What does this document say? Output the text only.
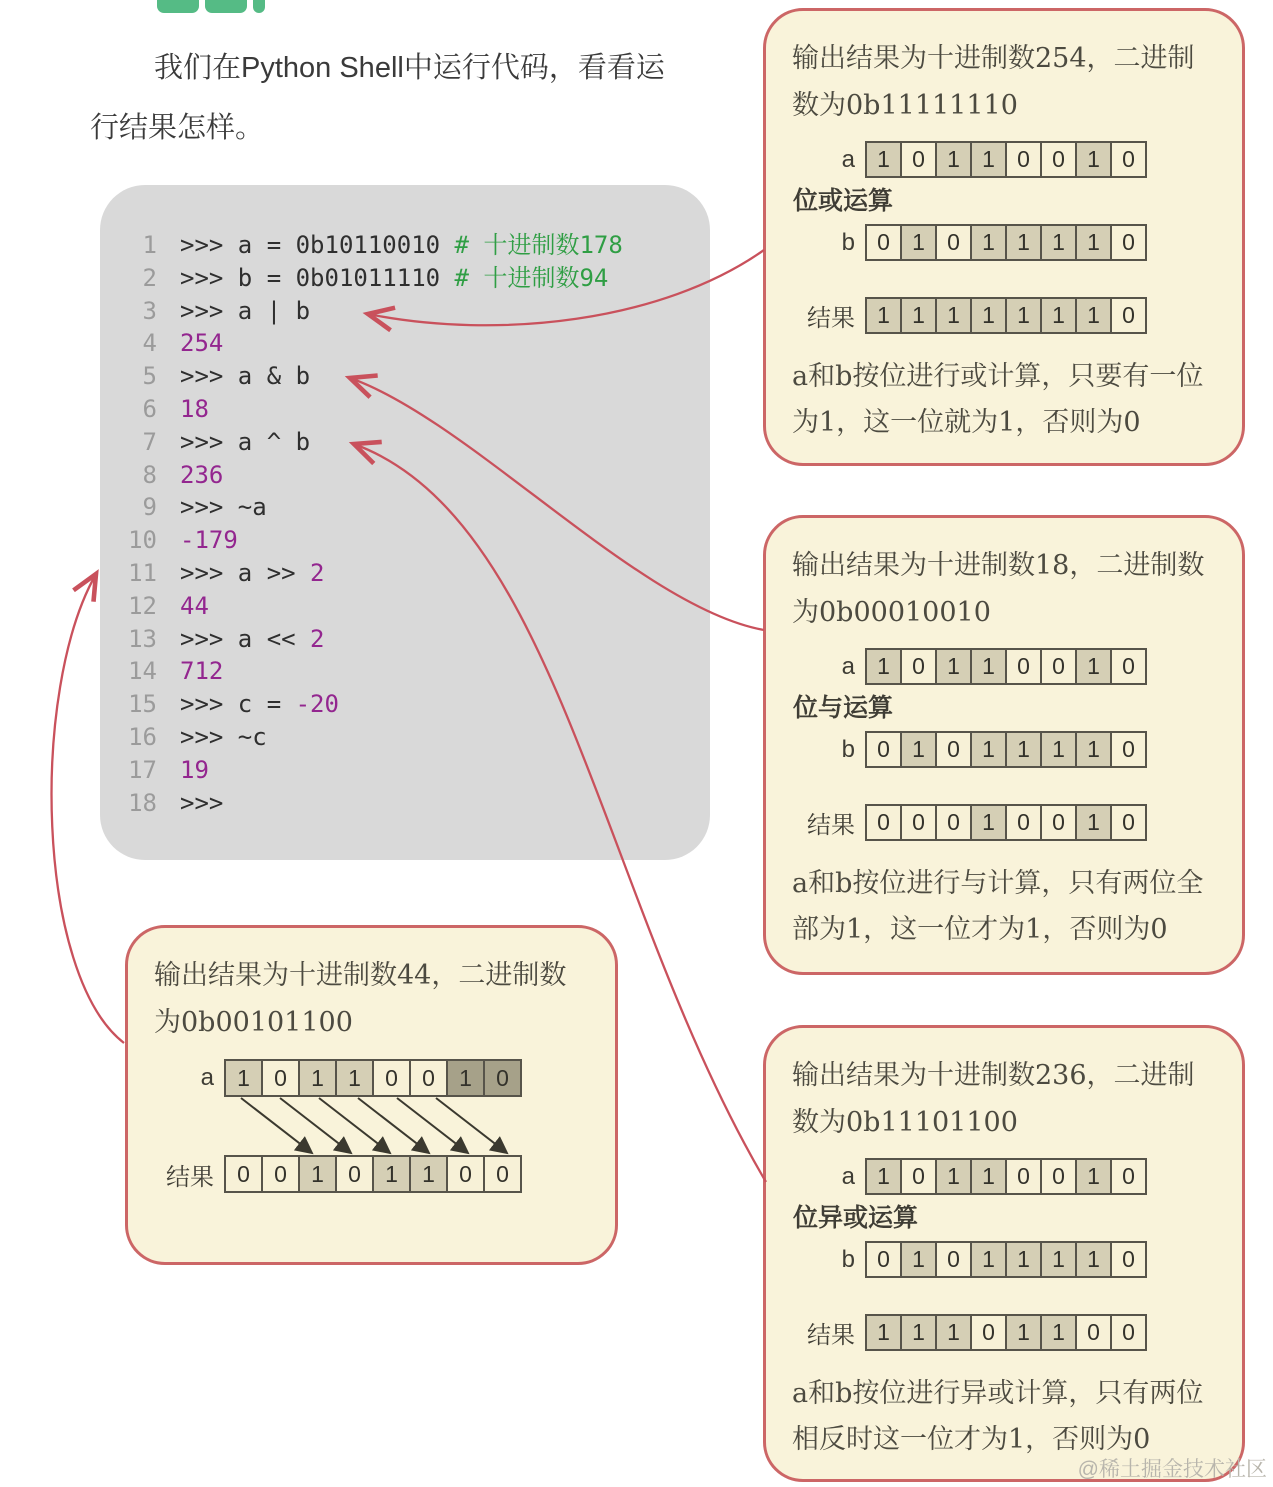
我们在Python Shell中运行代码，看看运
行结果怎样。

1 >>> a = 0b10110010 # 十进制数178
2 >>> b = 0b01011110 # 十进制数94
3 >>> a | b
4 254
5 >>> a & b
6 18
7 >>> a ^ b
8 236
9 >>> ~a
10 -179
11 >>> a >> 2
12 44
13 >>> a << 2
14 712
15 >>> c = -20
16 >>> ~c
17 19
18 >>>
输出结果为十进制数254，二进制
数为0b11111110
a 1 0 1 1 0 0 1 0
位或运算
b 0 1 0 1 1 1 1 0
结果 1 1 1 1 1 1 1 0
a和b按位进行或计算，只要有一位
为1，这一位就为1，否则为0
输出结果为十进制数18，二进制数
为0b00010010
a 1 0 1 1 0 0 1 0
位与运算
b 0 1 0 1 1 1 1 0
结果 0 0 0 1 0 0 1 0
a和b按位进行与计算，只有两位全
部为1，这一位才为1，否则为0
输出结果为十进制数236，二进制
数为0b11101100
a 1 0 1 1 0 0 1 0
位异或运算
b 0 1 0 1 1 1 1 0
结果 1 1 1 0 1 1 0 0
a和b按位进行异或计算，只有两位
相反时这一位才为1，否则为0
输出结果为十进制数44，二进制数
为0b00101100
a	1	0	1	1	0	0	1	0
结果	0	0	1	0	1	1	0	0
@稀土掘金技术社区
